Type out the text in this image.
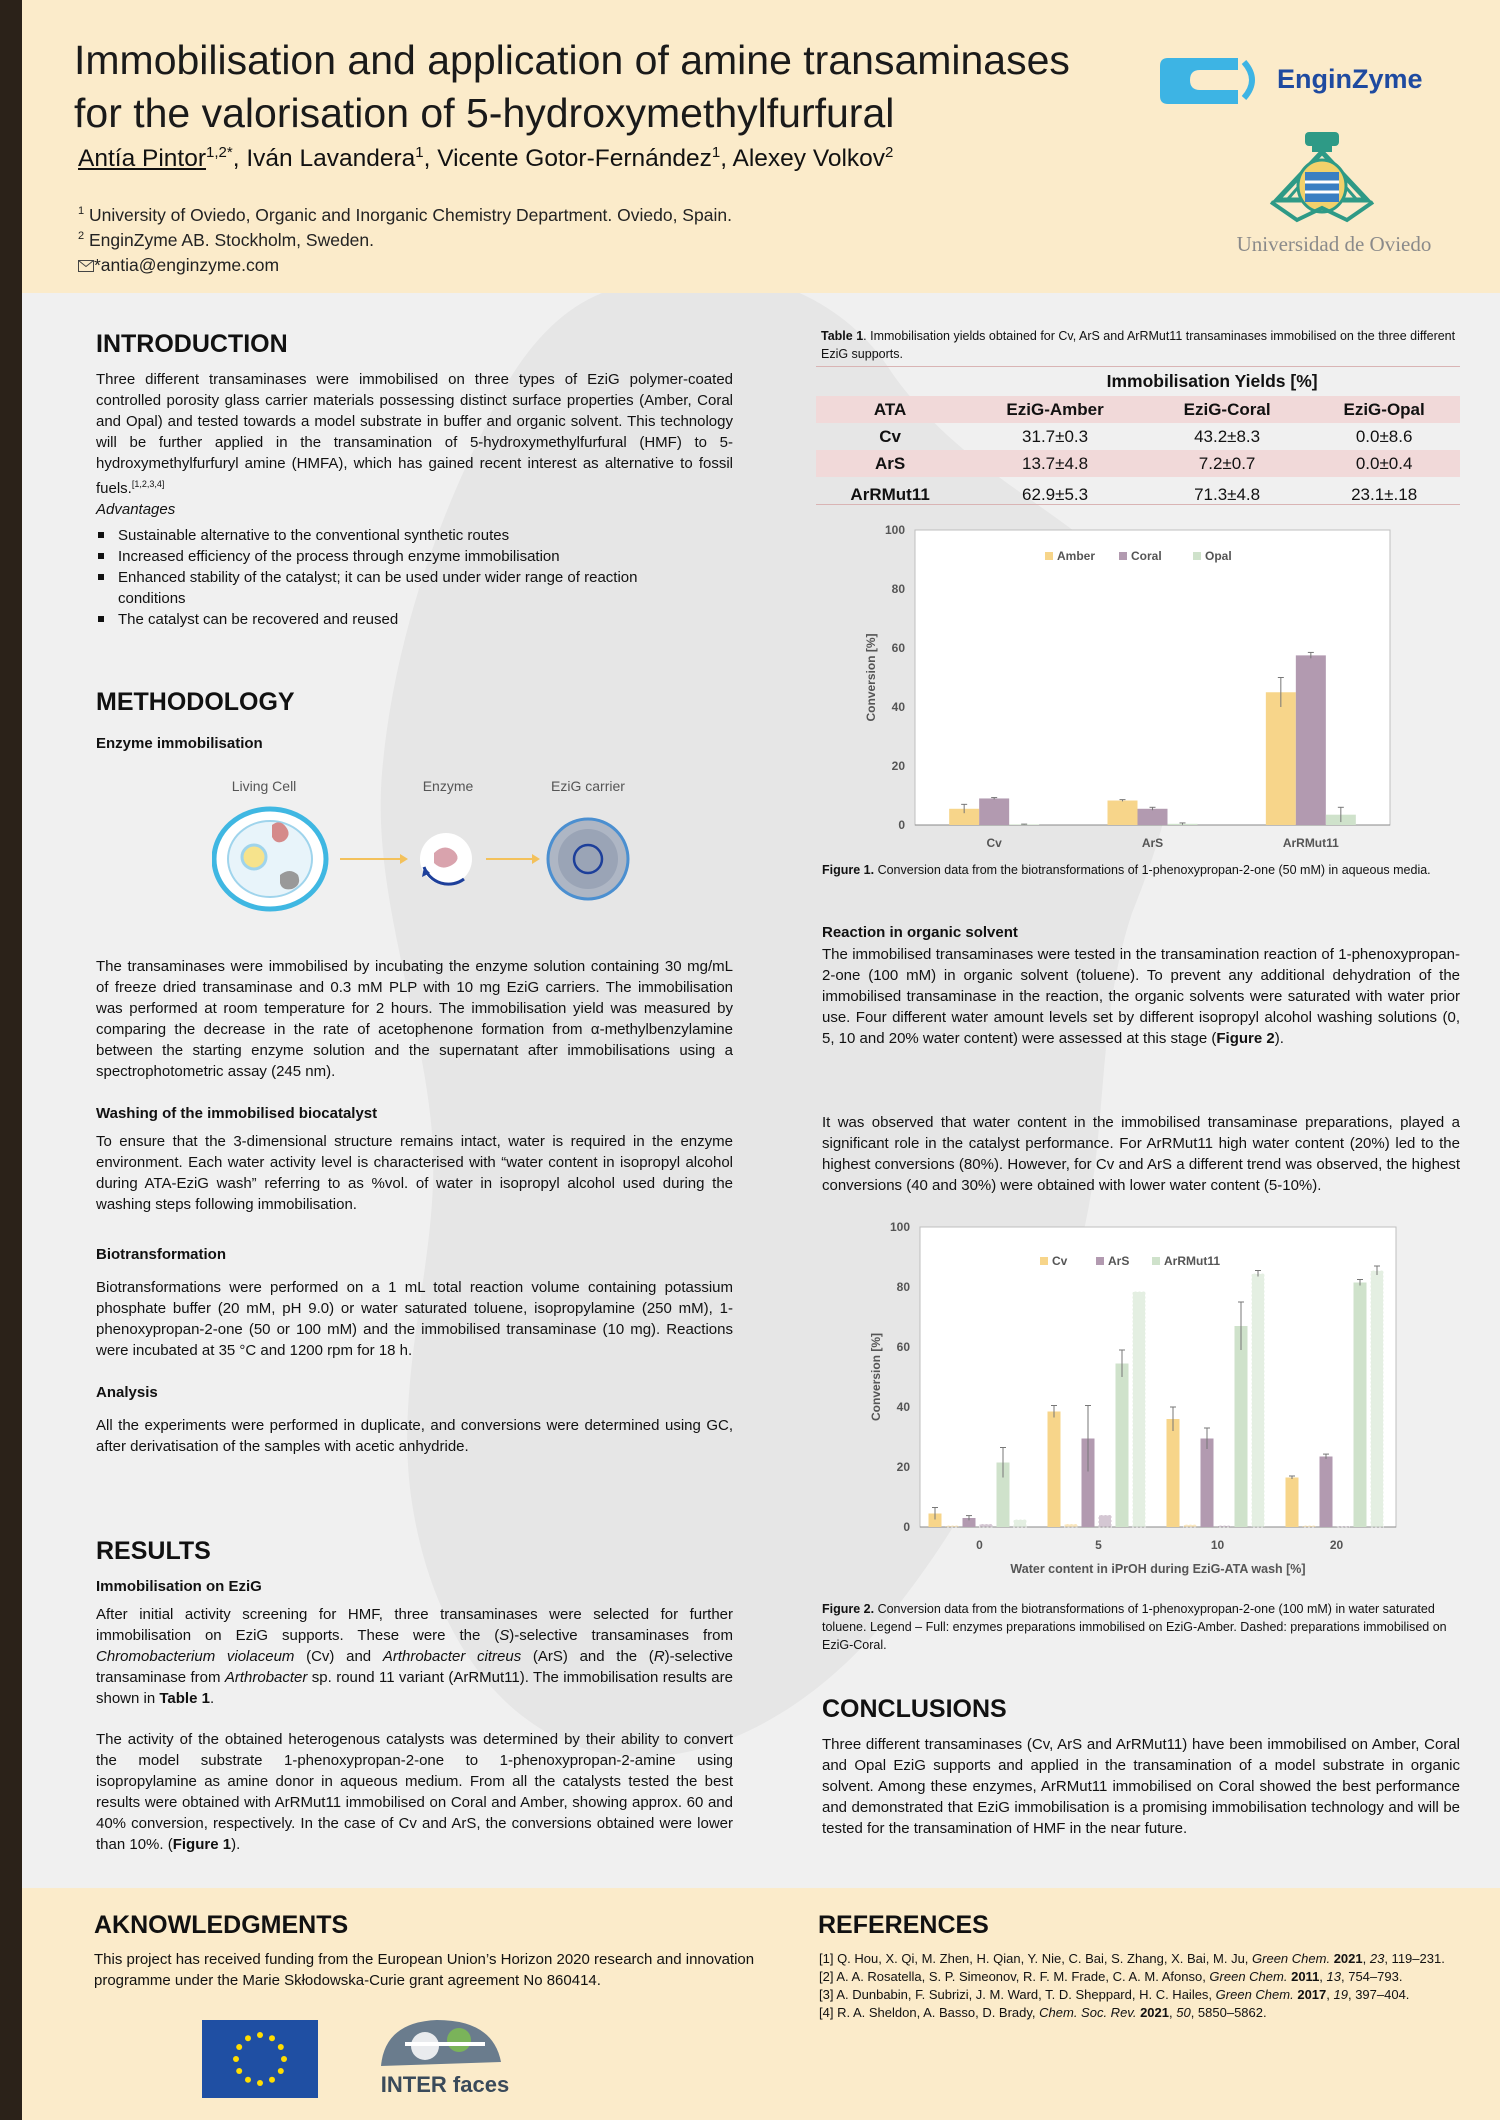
Immobilisation and application of amine transaminases
for the valorisation of 5-hydroxymethylfurfural
Antía Pintor$^{1,2*}$, Iván Lavandera$^1$, Vicente Gotor-Fernández$^1$, Alexey Volkov$^2$
$^1$ University of Oviedo, Organic and Inorganic Chemistry Department. Oviedo, Spain.
$^2$ EnginZyme AB. Stockholm, Sweden.
*antia@enginzyme.com
EnginZyme
Universidad de Oviedo
INTRODUCTION
Three different transaminases were immobilised on three types of EziG polymer-coated controlled porosity glass carrier materials possessing distinct surface properties (Amber, Coral and Opal) and tested towards a model substrate in buffer and organic solvent. This technology will be further applied in the transamination of 5-hydroxymethylfurfural (HMF) to 5-hydroxymethylfurfuryl amine (HMFA), which has gained recent interest as alternative to fossil fuels.[1,2,3,4]
Advantages
Sustainable alternative to the conventional synthetic routes
Increased efficiency of the process through enzyme immobilisation
Enhanced stability of the catalyst; it can be used under wider range of reaction conditions
The catalyst can be recovered and reused
METHODOLOGY
Enzyme immobilisation
Living Cell	Enzyme	EziG carrier
The transaminases were immobilised by incubating the enzyme solution containing 30 mg/mL of freeze dried transaminase and 0.3 mM PLP with 10 mg EziG carriers. The immobilisation was performed at room temperature for 2 hours. The immobilisation yield was measured by comparing the decrease in the rate of acetophenone formation from α-methylbenzylamine between the starting enzyme solution and the supernatant after immobilisations using a spectrophotometric assay (245 nm).
Washing of the immobilised biocatalyst
To ensure that the 3-dimensional structure remains intact, water is required in the enzyme environment. Each water activity level is characterised with “water content in isopropyl alcohol during ATA-EziG wash” referring to as %vol. of water in isopropyl alcohol used during the washing steps following immobilisation.
Biotransformation
Biotransformations were performed on a 1 mL total reaction volume containing potassium phosphate buffer (20 mM, pH 9.0) or water saturated toluene, isopropylamine (250 mM), 1-phenoxypropan-2-one (50 or 100 mM) and the immobilised transaminase (10 mg). Reactions were incubated at 35 °C and 1200 rpm for 18 h.
Analysis
All the experiments were performed in duplicate, and conversions were determined using GC, after derivatisation of the samples with acetic anhydride.
RESULTS
Immobilisation on EziG
After initial activity screening for HMF, three transaminases were selected for further immobilisation on EziG supports. These were the (S)-selective transaminases from Chromobacterium violaceum (Cv) and Arthrobacter citreus (ArS) and the (R)-selective transaminase from Arthrobacter sp. round 11 variant (ArRMut11). The immobilisation results are shown in Table 1.
The activity of the obtained heterogenous catalysts was determined by their ability to convert the model substrate 1-phenoxypropan-2-one to 1-phenoxypropan-2-amine using isopropylamine as amine donor in aqueous medium. From all the catalysts tested the best results were obtained with ArRMut11 immobilised on Coral and Amber, showing approx. 60 and 40% conversion, respectively. In the case of Cv and ArS, the conversions obtained were lower than 10%. (Figure 1).
Table 1. Immobilisation yields obtained for Cv, ArS and ArRMut11 transaminases immobilised on the three different EziG supports.
	Immobilisation Yields [%]		
ATA	EziG-Amber	EziG-Coral	EziG-Opal
Cv	31.7±0.3	43.2±8.3	0.0±8.6
ArS	13.7±4.8	7.2±0.7	0.0±0.4
ArRMut11	62.9±5.3	71.3±4.8	23.1±.18
0
20
40
60
80
100
Conversion [%]
Cv	ArS	ArRMut11
Amber	Coral	Opal
Figure 1. Conversion data from the biotransformations of 1-phenoxypropan-2-one (50 mM) in aqueous media.
Reaction in organic solvent
The immobilised transaminases were tested in the transamination reaction of 1-phenoxypropan-2-one (100 mM) in organic solvent (toluene). To prevent any additional dehydration of the immobilised transaminase in the reaction, the organic solvents were saturated with water prior use. Four different water amount levels set by different isopropyl alcohol washing solutions (0, 5, 10 and 20% water content) were assessed at this stage (Figure 2).
It was observed that water content in the immobilised transaminase preparations, played a significant role in the catalyst performance. For ArRMut11 high water content (20%) led to the highest conversions (80%). However, for Cv and ArS a different trend was observed, the highest conversions (40 and 30%) were obtained with lower water content (5-10%).
0
20
40
60
80
100
Conversion [%]
Water content in iPrOH during EziG-ATA wash [%]
0	5	10	20
Cv	ArS	ArRMut11
Figure 2. Conversion data from the biotransformations of 1-phenoxypropan-2-one (100 mM) in water saturated toluene. Legend – Full: enzymes preparations immobilised on EziG-Amber. Dashed: preparations immobilised on EziG-Coral.
CONCLUSIONS
Three different transaminases (Cv, ArS and ArRMut11) have been immobilised on Amber, Coral and Opal EziG supports and applied in the transamination of a model substrate in organic solvent. Among these enzymes, ArRMut11 immobilised on Coral showed the best performance and demonstrated that EziG immobilisation is a promising immobilisation technology and will be tested for the transamination of HMF in the near future.
AKNOWLEDGMENTS
This project has received funding from the European Union’s Horizon 2020 research and innovation programme under the Marie Skłodowska-Curie grant agreement No 860414.
INTER faces
REFERENCES
[1] Q. Hou, X. Qi, M. Zhen, H. Qian, Y. Nie, C. Bai, S. Zhang, X. Bai, M. Ju, Green Chem. 2021, 23, 119–231.
[2] A. A. Rosatella, S. P. Simeonov, R. F. M. Frade, C. A. M. Afonso, Green Chem. 2011, 13, 754–793.
[3] A. Dunbabin, F. Subrizi, J. M. Ward, T. D. Sheppard, H. C. Hailes, Green Chem. 2017, 19, 397–404.
[4] R. A. Sheldon, A. Basso, D. Brady, Chem. Soc. Rev. 2021, 50, 5850–5862.
